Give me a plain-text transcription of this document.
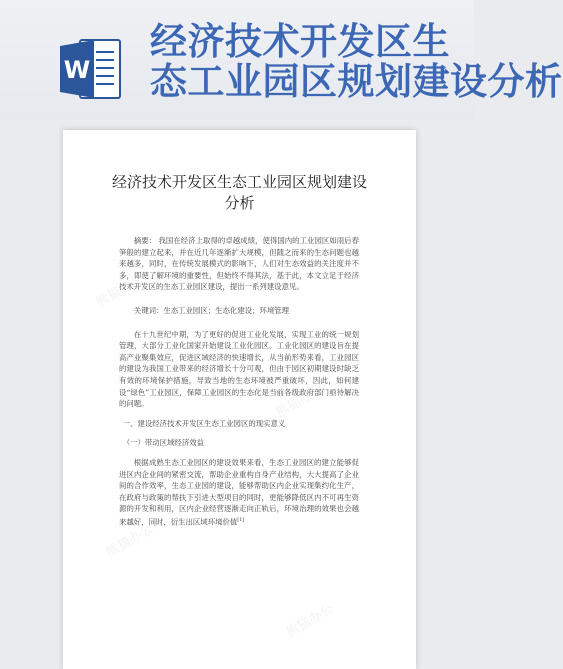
W
经济技术开发区生
态工业园区规划建设分析
经济技术开发区生态工业园区规划建设
分析

摘要： 我国在经济上取得的卓越成绩，使得国内的工业园区如雨后春笋般的建立起来，并在近几年逐渐扩大规模，但随之而来的生态问题也越来越多，同时，在传统发展模式的影响下，人们对生态效益的关注度并不多，即使了解环境的重要性，但始终不得其法，基于此，本文立足于经济技术开发区的生态工业园区建设，提出一系列建设意见。

关键词：生态工业园区；生态化建设；环境管理

在十九世纪中期，为了更好的促进工业化发展，实现工业的统一规划管理，大部分工业化国家开始建设工业化园区。工业化园区的建设旨在提高产业聚集效应，促进区域经济的快速增长，从当前形势来看，工业园区的建设为我国工业带来的经济增长十分可观，但由于园区初期建设时缺乏有效的环境保护措施，导致当地的生态环境被严重破坏，因此，如何建设“绿色”工业园区，保障工业园区的生态化是当前各级政府部门亟待解决的问题。

一、建设经济技术开发区生态工业园区的现实意义

（一）带动区域经济效益

根据成熟生态工业园区的建设效果来看，生态工业园区的建立能够促进区内企业间的紧密交流，帮助企业重构自身产业结构，大大提高了企业间的合作效率，生态工业园的建设，能够帮助区内企业实现集约化生产，在政府与政策的帮扶下引进大型项目的同时，更能够降低区内不可再生资源的开发和利用，区内企业经营逐渐走向正轨后，环境治理的效果也会越来越好，同时，衍生出区域环境价值[1]

熊猫办公
熊猫办公
熊猫办公
熊猫办公
